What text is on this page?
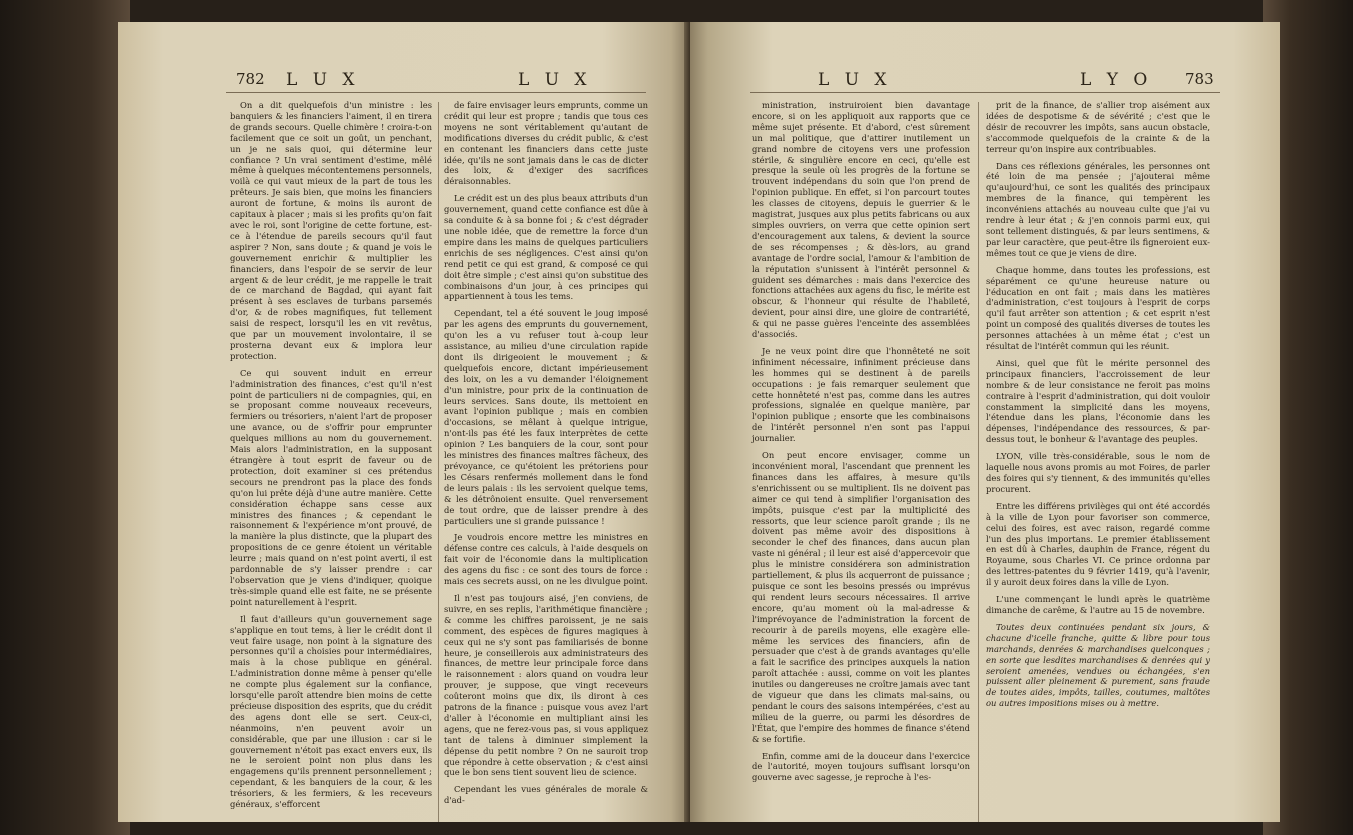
782 L U X	L U X

On a dit quelquefois d'un ministre : les banquiers & les financiers l'aiment, il en tirera de grands secours. Quelle chimère ! croira-t-on facilement que ce soit un goût, un penchant, un je ne sais quoi, qui détermine leur confiance ? Un vrai sentiment d'estime, mêlé même à quelques mécontentemens personnels, voilà ce qui vaut mieux de la part de tous les prêteurs. Je sais bien, que moins les financiers auront de fortune, & moins ils auront de capitaux à placer ; mais si les profits qu'on fait avec le roi, sont l'origine de cette fortune, est-ce à l'étendue de pareils secours qu'il faut aspirer ? Non, sans doute ; & quand je vois le gouvernement enrichir & multiplier les financiers, dans l'espoir de se servir de leur argent & de leur crédit, je me rappelle le trait de ce marchand de Bagdad, qui ayant fait présent à ses esclaves de turbans parsemés d'or, & de robes magnifiques, fut tellement saisi de respect, lorsqu'il les en vit revêtus, que par un mouvement involontaire, il se prosterna devant eux & implora leur protection.

Ce qui souvent induit en erreur l'administration des finances, c'est qu'il n'est point de particuliers ni de compagnies, qui, en se proposant comme nouveaux receveurs, fermiers ou trésoriers, n'aient l'art de proposer une avance, ou de s'offrir pour emprunter quelques millions au nom du gouvernement. Mais alors l'administration, en la supposant étrangère à tout esprit de faveur ou de protection, doit examiner si ces prétendus secours ne prendront pas la place des fonds qu'on lui prête déjà d'une autre manière. Cette considération échappe sans cesse aux ministres des finances ; & cependant le raisonnement & l'expérience m'ont prouvé, de la manière la plus distincte, que la plupart des propositions de ce genre étoient un véritable leurre ; mais quand on n'est point averti, il est pardonnable de s'y laisser prendre : car l'observation que je viens d'indiquer, quoique très-simple quand elle est faite, ne se présente point naturellement à l'esprit.

Il faut d'ailleurs qu'un gouvernement sage s'applique en tout tems, à lier le crédit dont il veut faire usage, non point à la signature des personnes qu'il a choisies pour intermédiaires, mais à la chose publique en général. L'administration donne même à penser qu'elle ne compte plus également sur la confiance, lorsqu'elle paroît attendre bien moins de cette précieuse disposition des esprits, que du crédit des agens dont elle se sert. Ceux-ci, néanmoins, n'en peuvent avoir un considérable, que par une illusion : car si le gouvernement n'étoit pas exact envers eux, ils ne le seroient point non plus dans les engagemens qu'ils prennent personnellement ; cependant, & les banquiers de la cour, & les trésoriers, & les fermiers, & les receveurs généraux, s'efforcent

de faire envisager leurs emprunts, comme un crédit qui leur est propre ; tandis que tous ces moyens ne sont véritablement qu'autant de modifications diverses du crédit public, & c'est en contenant les financiers dans cette juste idée, qu'ils ne sont jamais dans le cas de dicter des loix, & d'exiger des sacrifices déraisonnables.

Le crédit est un des plus beaux attributs d'un gouvernement, quand cette confiance est dûe à sa conduite & à sa bonne foi ; & c'est dégrader une noble idée, que de remettre la force d'un empire dans les mains de quelques particuliers enrichis de ses négligences. C'est ainsi qu'on rend petit ce qui est grand, & composé ce qui doit être simple ; c'est ainsi qu'on substitue des combinaisons d'un jour, à ces principes qui appartiennent à tous les tems.

Cependant, tel a été souvent le joug imposé par les agens des emprunts du gouvernement, qu'on les a vu refuser tout à-coup leur assistance, au milieu d'une circulation rapide dont ils dirigeoient le mouvement ; & quelquefois encore, dictant impérieusement des loix, on les a vu demander l'éloignement d'un ministre, pour prix de la continuation de leurs services. Sans doute, ils mettoient en avant l'opinion publique ; mais en combien d'occasions, se mêlant à quelque intrigue, n'ont-ils pas été les faux interprètes de cette opinion ? Les banquiers de la cour, sont pour les ministres des finances maîtres fâcheux, des prévoyance, ce qu'étoient les prétoriens pour les Césars renfermés mollement dans le fond de leurs palais : ils les servoient quelque tems, & les détrônoient ensuite. Quel renversement de tout ordre, que de laisser prendre à des particuliers une si grande puissance !

Je voudrois encore mettre les ministres en défense contre ces calculs, à l'aide desquels on fait voir de l'économie dans la multiplication des agens du fisc : ce sont des tours de force : mais ces secrets aussi, on ne les divulgue point.

Il n'est pas toujours aisé, j'en conviens, de suivre, en ses replis, l'arithmétique financière ; & comme les chiffres paroissent, je ne sais comment, des espèces de figures magiques à ceux qui ne s'y sont pas familiarisés de bonne heure, je conseillerois aux administrateurs des finances, de mettre leur principale force dans le raisonnement : alors quand on voudra leur prouver, je suppose, que vingt receveurs coûteront moins que dix, ils diront à ces patrons de la finance : puisque vous avez l'art d'aller à l'économie en multipliant ainsi les agens, que ne ferez-vous pas, si vous appliquez tant de talens à diminuer simplement la dépense du petit nombre ? On ne sauroit trop que répondre à cette observation ; & c'est ainsi que le bon sens tient souvent lieu de science.

Cependant les vues générales de morale & d'ad-

L U X	L Y O 783

ministration, instruiroient bien davantage encore, si on les appliquoit aux rapports que ce même sujet présente. Et d'abord, c'est sûrement un mal politique, que d'attirer inutilement un grand nombre de citoyens vers une profession stérile, & singulière encore en ceci, qu'elle est presque la seule où les progrès de la fortune se trouvent indépendans du soin que l'on prend de l'opinion publique. En effet, si l'on parcourt toutes les classes de citoyens, depuis le guerrier & le magistrat, jusques aux plus petits fabricans ou aux simples ouvriers, on verra que cette opinion sert d'encouragement aux talens, & devient la source de ses récompenses ; & dès-lors, au grand avantage de l'ordre social, l'amour & l'ambition de la réputation s'unissent à l'intérêt personnel & guident ses démarches : mais dans l'exercice des fonctions attachées aux agens du fisc, le mérite est obscur, & l'honneur qui résulte de l'habileté, devient, pour ainsi dire, une gloire de contrariété, & qui ne passe guères l'enceinte des assemblées d'associés.

Je ne veux point dire que l'honnêteté ne soit infiniment nécessaire, infiniment précieuse dans les hommes qui se destinent à de pareils occupations : je fais remarquer seulement que cette honnêteté n'est pas, comme dans les autres professions, signalée en quelque manière, par l'opinion publique ; ensorte que les combinaisons de l'intérêt personnel n'en sont pas l'appui journalier.

On peut encore envisager, comme un inconvénient moral, l'ascendant que prennent les finances dans les affaires, à mesure qu'ils s'enrichissent ou se multiplient. Ils ne doivent pas aimer ce qui tend à simplifier l'organisation des impôts, puisque c'est par la multiplicité des ressorts, que leur science paroît grande ; ils ne doivent pas même avoir des dispositions à seconder le chef des finances, dans aucun plan vaste ni général ; il leur est aisé d'appercevoir que plus le ministre considérera son administration partiellement, & plus ils acquerront de puissance ; puisque ce sont les besoins pressés ou imprévus qui rendent leurs secours nécessaires. Il arrive encore, qu'au moment où la mal-adresse & l'imprévoyance de l'administration la forcent de recourir à de pareils moyens, elle exagère elle-même les services des financiers, afin de persuader que c'est à de grands avantages qu'elle a fait le sacrifice des principes auxquels la nation paroît attachée : aussi, comme on voit les plantes inutiles ou dangereuses ne croître jamais avec tant de vigueur que dans les climats mal-sains, ou pendant le cours des saisons intempérées, c'est au milieu de la guerre, ou parmi les désordres de l'État, que l'empire des hommes de finance s'étend & se fortifie.

Enfin, comme ami de la douceur dans l'exercice de l'autorité, moyen toujours suffisant lorsqu'on gouverne avec sagesse, je reproche à l'es-

prit de la finance, de s'allier trop aisément aux idées de despotisme & de sévérité ; c'est que le désir de recouvrer les impôts, sans aucun obstacle, s'accommode quelquefois de la crainte & de la terreur qu'on inspire aux contribuables.

Dans ces réflexions générales, les personnes ont été loin de ma pensée ; j'ajouterai même qu'aujourd'hui, ce sont les qualités des principaux membres de la finance, qui tempèrent les inconvéniens attachés au nouveau culte que j'ai vu rendre à leur état ; & j'en connois parmi eux, qui sont tellement distingués, & par leurs sentimens, & par leur caractère, que peut-être ils figneroient eux-mêmes tout ce que je viens de dire.

Chaque homme, dans toutes les professions, est séparément ce qu'une heureuse nature ou l'éducation en ont fait ; mais dans les matières d'administration, c'est toujours à l'esprit de corps qu'il faut arrêter son attention ; & cet esprit n'est point un composé des qualités diverses de toutes les personnes attachées à un même état ; c'est un résultat de l'intérêt commun qui les réunit.

Ainsi, quel que fût le mérite personnel des principaux financiers, l'accroissement de leur nombre & de leur consistance ne feroit pas moins contraire à l'esprit d'administration, qui doit vouloir constamment la simplicité dans les moyens, l'étendue dans les plans, l'économie dans les dépenses, l'indépendance des ressources, & par-dessus tout, le bonheur & l'avantage des peuples.

LYON, ville très-considérable, sous le nom de laquelle nous avons promis au mot Foires, de parler des foires qui s'y tiennent, & des immunités qu'elles procurent.

Entre les différens privilèges qui ont été accordés à la ville de Lyon pour favoriser son commerce, celui des foires, est avec raison, regardé comme l'un des plus importans. Le premier établissement en est dû à Charles, dauphin de France, régent du Royaume, sous Charles VI. Ce prince ordonna par des lettres-patentes du 9 février 1419, qu'à l'avenir, il y auroit deux foires dans la ville de Lyon.

L'une commençant le lundi après le quatrième dimanche de carême, & l'autre au 15 de novembre.

Toutes deux continuées pendant six jours, & chacune d'icelle franche, quitte & libre pour tous marchands, denrées & marchandises quelconques ; en sorte que lesdites marchandises & denrées qui y seroient amenées, vendues ou échangées, s'en puissent aller pleinement & purement, sans fraude de toutes aides, impôts, tailles, coutumes, maltôtes ou autres impositions mises ou à mettre.
